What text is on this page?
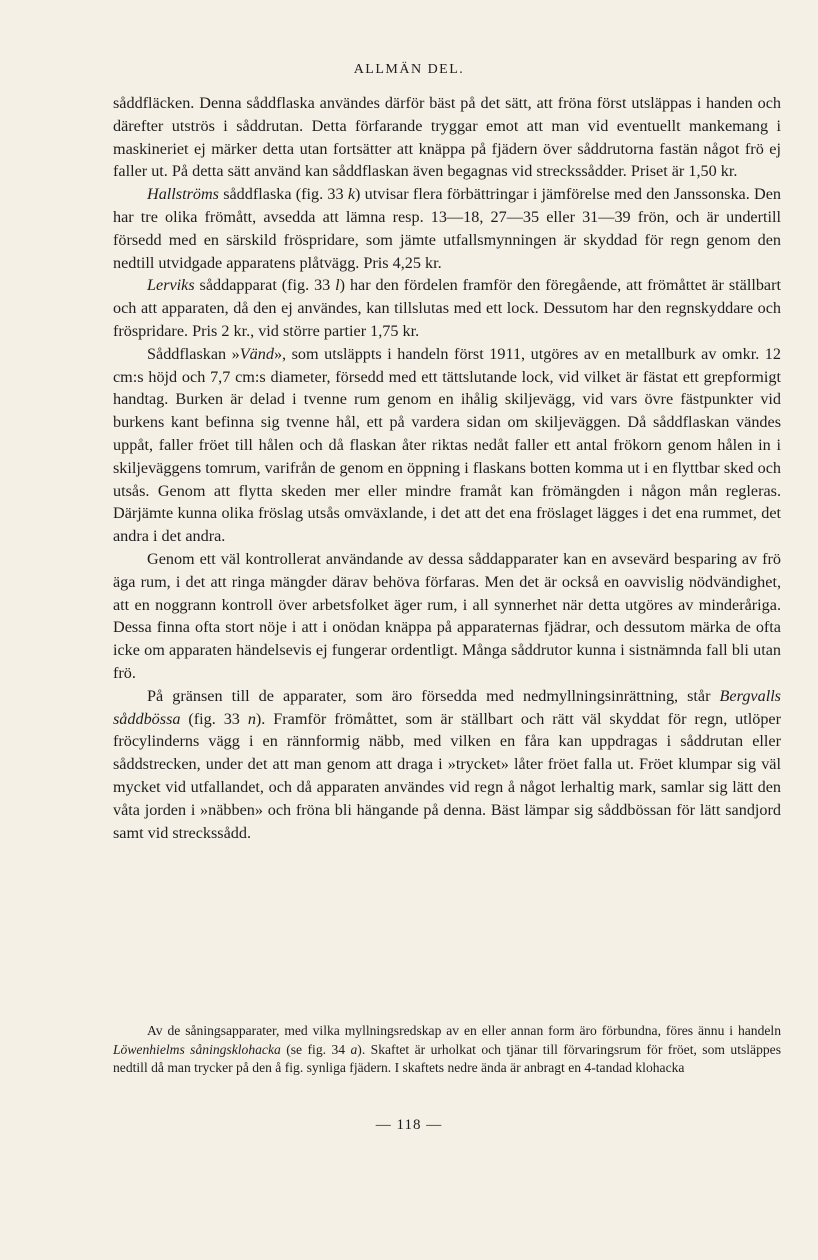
ALLMÄN DEL.

såddfläcken. Denna såddflaska användes därför bäst på det sätt, att fröna först utsläppas i handen och därefter utströs i såddrutan. Detta förfarande tryggar emot att man vid eventuellt mankemang i maskineriet ej märker detta utan fortsätter att knäppa på fjädern över såddrutorna fastän något frö ej faller ut. På detta sätt använd kan såddflaskan även begagnas vid streckssådder. Priset är 1,50 kr.

Hallströms såddflaska (fig. 33 k) utvisar flera förbättringar i jämförelse med den Janssonska. Den har tre olika frömått, avsedda att lämna resp. 13—18, 27—35 eller 31—39 frön, och är undertill försedd med en särskild fröspridare, som jämte utfallsmynningen är skyddad för regn genom den nedtill utvidgade apparatens plåtvägg. Pris 4,25 kr.

Lerviks såddapparat (fig. 33 l) har den fördelen framför den föregående, att frömåttet är ställbart och att apparaten, då den ej användes, kan tillslutas med ett lock. Dessutom har den regnskyddare och fröspridare. Pris 2 kr., vid större partier 1,75 kr.

Såddflaskan »Vänd», som utsläppts i handeln först 1911, utgöres av en metallburk av omkr. 12 cm:s höjd och 7,7 cm:s diameter, försedd med ett tättslutande lock, vid vilket är fästat ett grepformigt handtag. Burken är delad i tvenne rum genom en ihålig skiljevägg, vid vars övre fästpunkter vid burkens kant befinna sig tvenne hål, ett på vardera sidan om skiljeväggen. Då såddflaskan vändes uppåt, faller fröet till hålen och då flaskan åter riktas nedåt faller ett antal frökorn genom hålen in i skiljeväggens tomrum, varifrån de genom en öppning i flaskans botten komma ut i en flyttbar sked och utsås. Genom att flytta skeden mer eller mindre framåt kan frömängden i någon mån regleras. Därjämte kunna olika fröslag utsås omväxlande, i det att det ena fröslaget lägges i det ena rummet, det andra i det andra.

Genom ett väl kontrollerat användande av dessa såddapparater kan en avsevärd besparing av frö äga rum, i det att ringa mängder därav behöva förfaras. Men det är också en oavvislig nödvändighet, att en noggrann kontroll över arbetsfolket äger rum, i all synnerhet när detta utgöres av minderåriga. Dessa finna ofta stort nöje i att i onödan knäppa på apparaternas fjädrar, och dessutom märka de ofta icke om apparaten händelsevis ej fungerar ordentligt. Många såddrutor kunna i sistnämnda fall bli utan frö.

På gränsen till de apparater, som äro försedda med nedmyllningsinrättning, står Bergvalls såddbössa (fig. 33 n). Framför frömåttet, som är ställbart och rätt väl skyddat för regn, utlöper fröcylinderns vägg i en rännformig näbb, med vilken en fåra kan uppdragas i såddrutan eller såddstrecken, under det att man genom att draga i »trycket» låter fröet falla ut. Fröet klumpar sig väl mycket vid utfallandet, och då apparaten användes vid regn å något lerhaltig mark, samlar sig lätt den våta jorden i »näbben» och fröna bli hängande på denna. Bäst lämpar sig såddbössan för lätt sandjord samt vid streckssådd.

Av de såningsapparater, med vilka myllningsredskap av en eller annan form äro förbundna, föres ännu i handeln Löwenhielms såningsklohacka (se fig. 34 a). Skaftet är urholkat och tjänar till förvaringsrum för fröet, som utsläppes nedtill då man trycker på den å fig. synliga fjädern. I skaftets nedre ända är anbragt en 4-tandad klohacka

— 118 —
